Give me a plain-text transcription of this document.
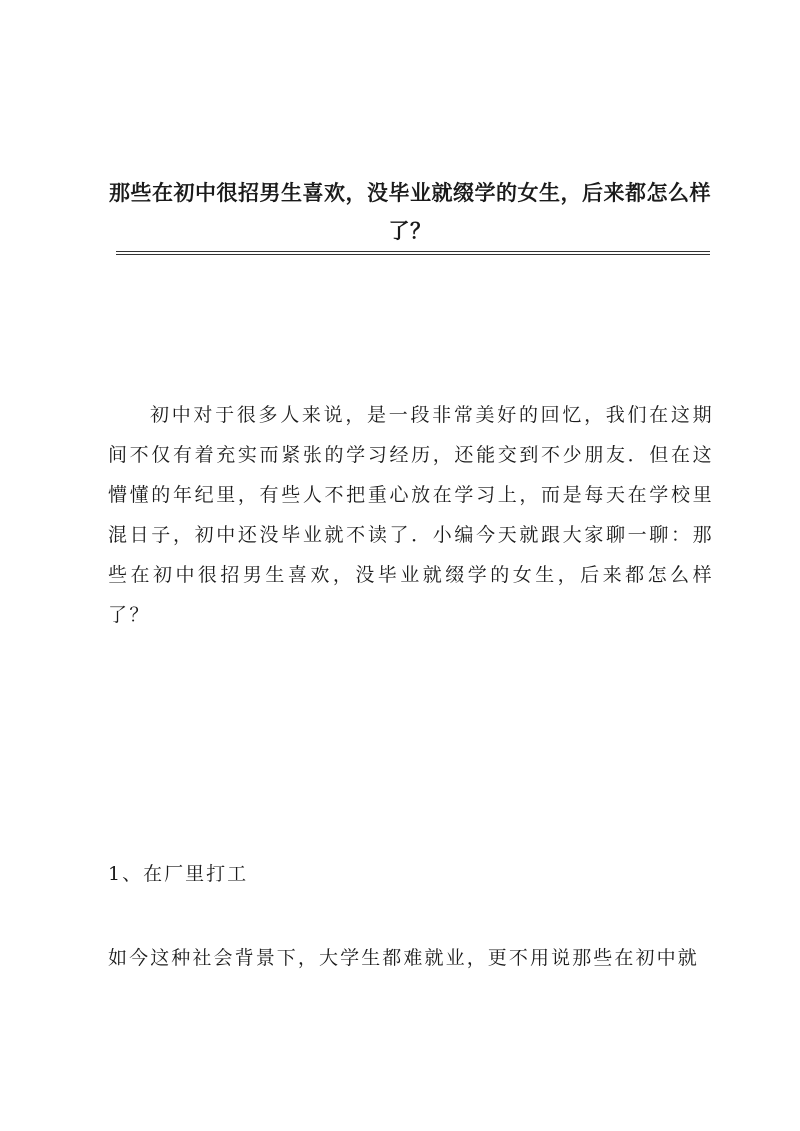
那些在初中很招男生喜欢，没毕业就缀学的女生，后来都怎么样了？

初中对于很多人来说，是一段非常美好的回忆，我们在这期间不仅有着充实而紧张的学习经历，还能交到不少朋友．但在这懵懂的年纪里，有些人不把重心放在学习上，而是每天在学校里混日子，初中还没毕业就不读了．小编今天就跟大家聊一聊：那些在初中很招男生喜欢，没毕业就缀学的女生，后来都怎么样了？

1、在厂里打工

如今这种社会背景下，大学生都难就业，更不用说那些在初中就
